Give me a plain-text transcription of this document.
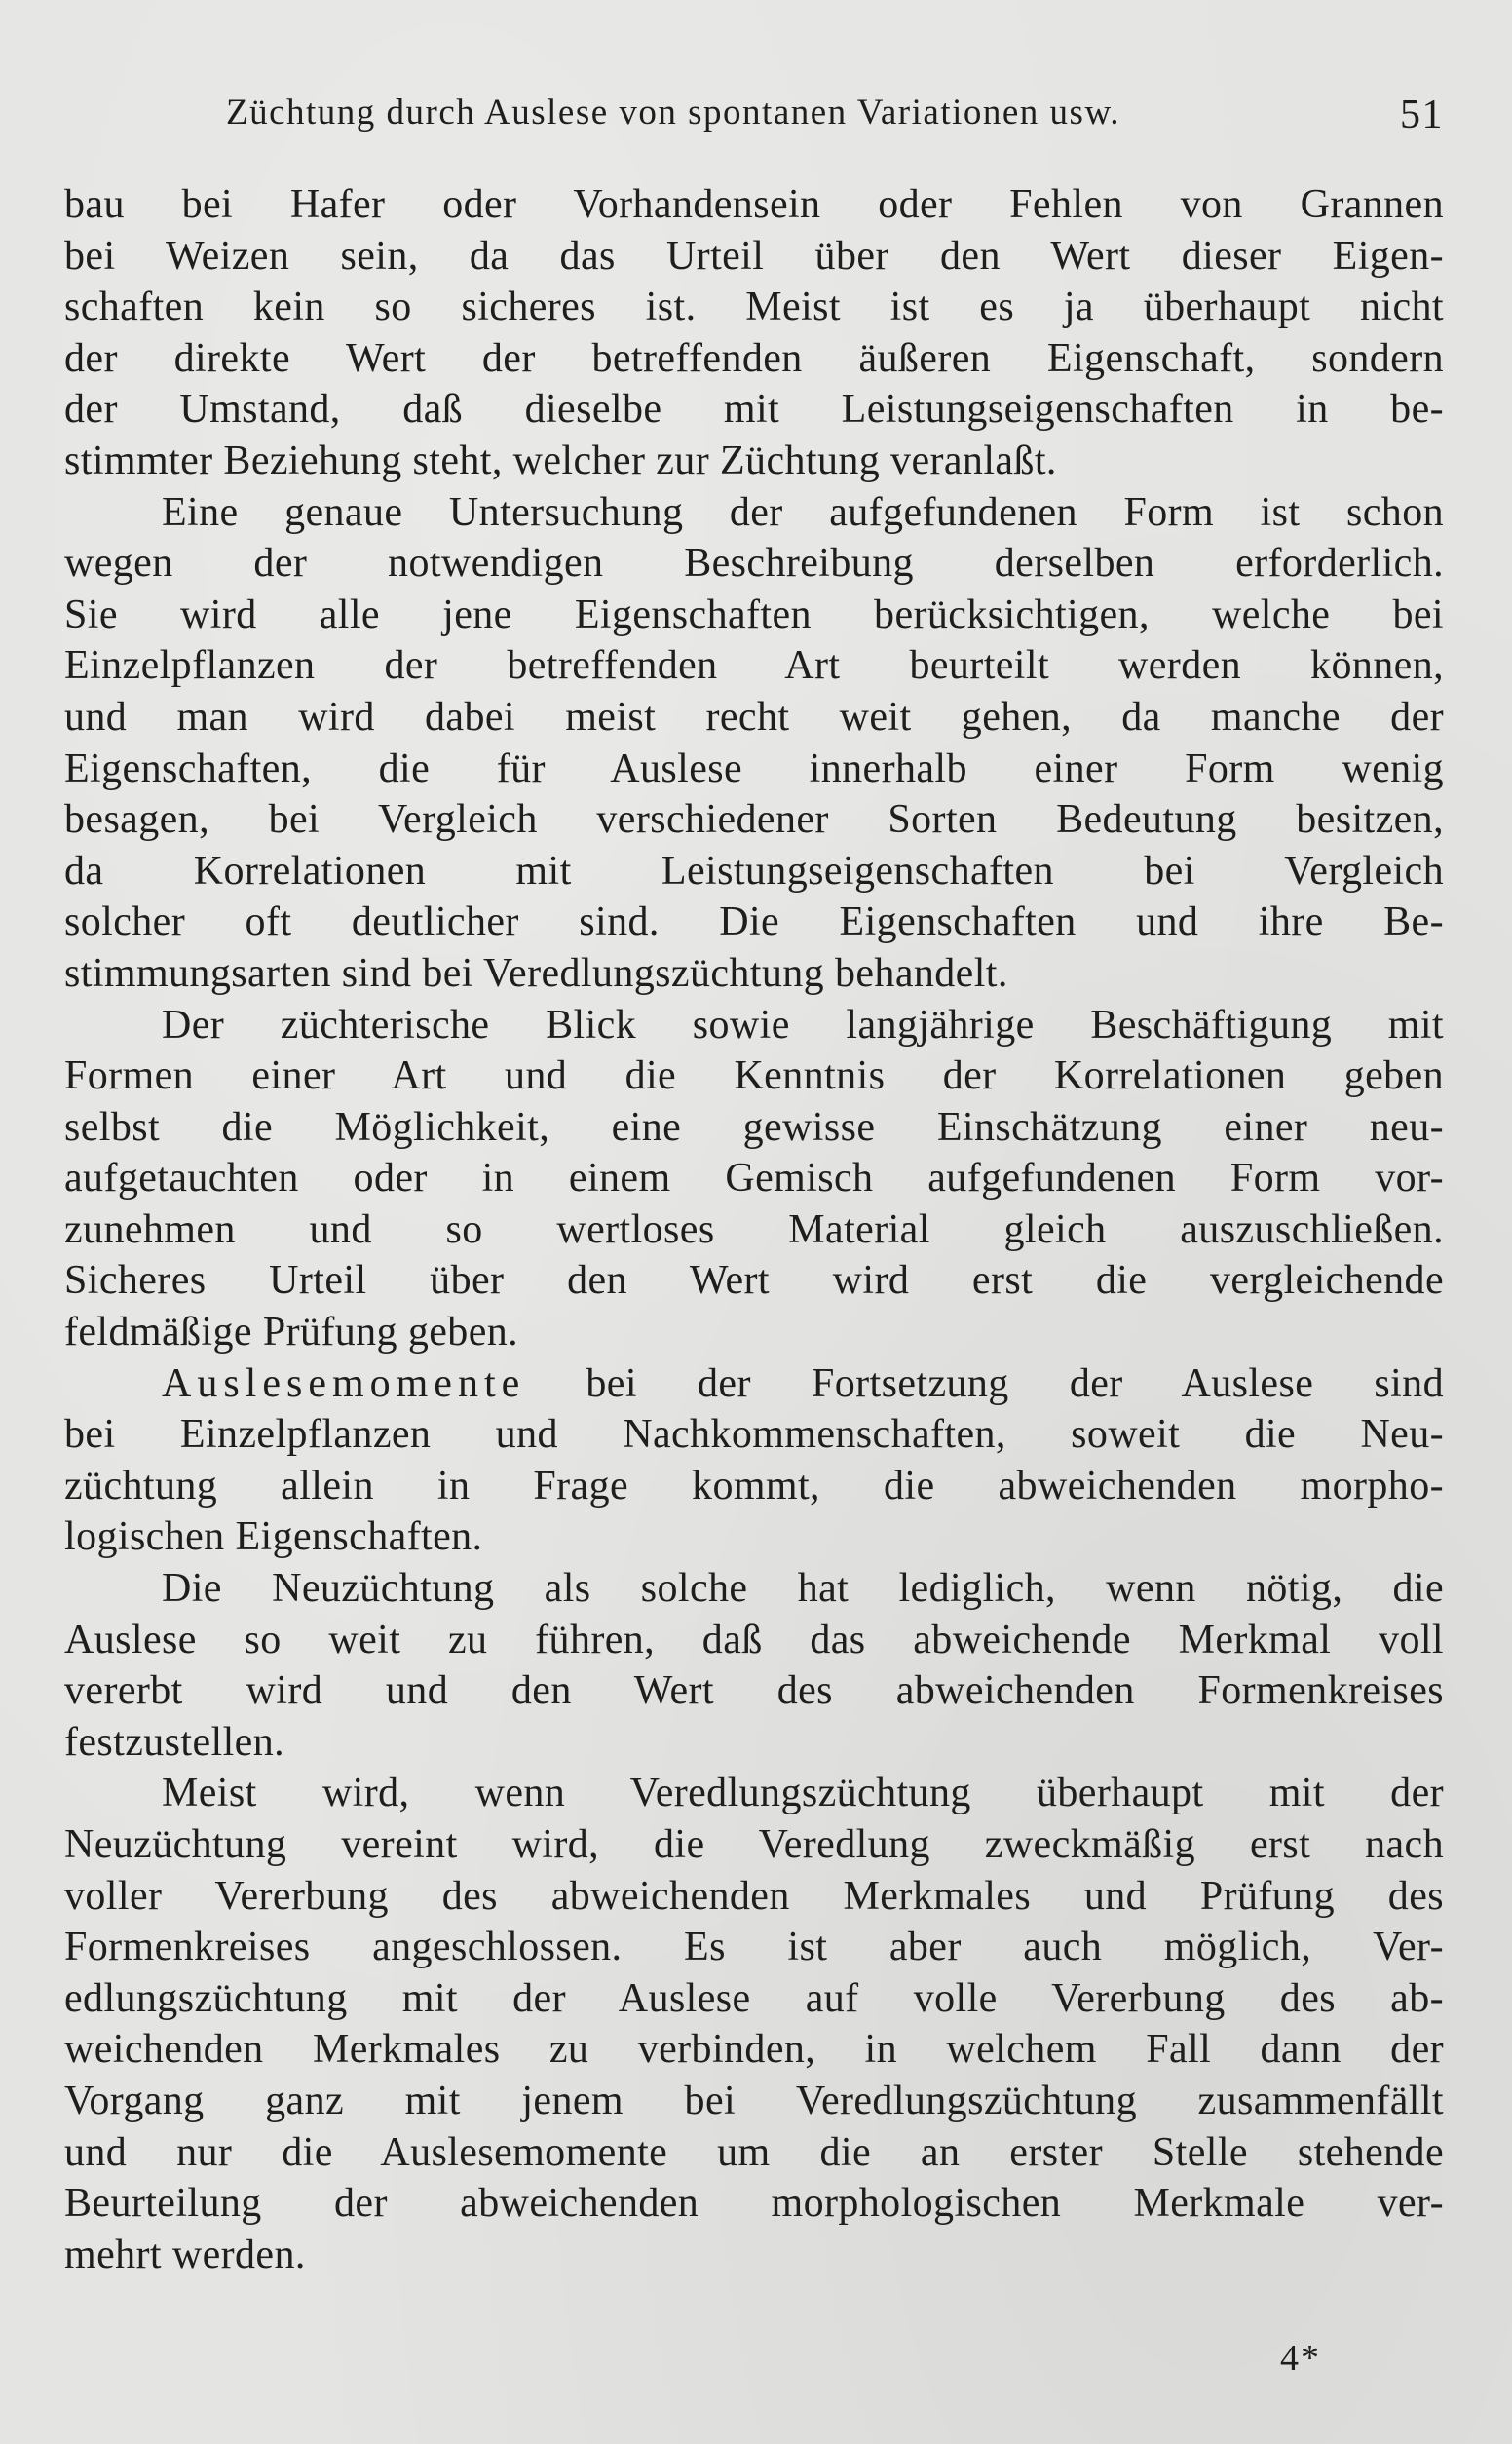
Züchtung durch Auslese von spontanen Variationen usw.	51
bau bei Hafer oder Vorhandensein oder Fehlen von Grannen
bei Weizen sein, da das Urteil über den Wert dieser Eigen-
schaften kein so sicheres ist. Meist ist es ja überhaupt nicht
der direkte Wert der betreffenden äußeren Eigenschaft, sondern
der Umstand, daß dieselbe mit Leistungseigenschaften in be-
stimmter Beziehung steht, welcher zur Züchtung veranlaßt.
Eine genaue Untersuchung der aufgefundenen Form ist schon
wegen der notwendigen Beschreibung derselben erforderlich.
Sie wird alle jene Eigenschaften berücksichtigen, welche bei
Einzelpflanzen der betreffenden Art beurteilt werden können,
und man wird dabei meist recht weit gehen, da manche der
Eigenschaften, die für Auslese innerhalb einer Form wenig
besagen, bei Vergleich verschiedener Sorten Bedeutung besitzen,
da Korrelationen mit Leistungseigenschaften bei Vergleich
solcher oft deutlicher sind. Die Eigenschaften und ihre Be-
stimmungsarten sind bei Veredlungszüchtung behandelt.
Der züchterische Blick sowie langjährige Beschäftigung mit
Formen einer Art und die Kenntnis der Korrelationen geben
selbst die Möglichkeit, eine gewisse Einschätzung einer neu-
aufgetauchten oder in einem Gemisch aufgefundenen Form vor-
zunehmen und so wertloses Material gleich auszuschließen.
Sicheres Urteil über den Wert wird erst die vergleichende
feldmäßige Prüfung geben.
Auslesemomente bei der Fortsetzung der Auslese sind
bei Einzelpflanzen und Nachkommenschaften, soweit die Neu-
züchtung allein in Frage kommt, die abweichenden morpho-
logischen Eigenschaften.
Die Neuzüchtung als solche hat lediglich, wenn nötig, die
Auslese so weit zu führen, daß das abweichende Merkmal voll
vererbt wird und den Wert des abweichenden Formenkreises
festzustellen.
Meist wird, wenn Veredlungszüchtung überhaupt mit der
Neuzüchtung vereint wird, die Veredlung zweckmäßig erst nach
voller Vererbung des abweichenden Merkmales und Prüfung des
Formenkreises angeschlossen. Es ist aber auch möglich, Ver-
edlungszüchtung mit der Auslese auf volle Vererbung des ab-
weichenden Merkmales zu verbinden, in welchem Fall dann der
Vorgang ganz mit jenem bei Veredlungszüchtung zusammenfällt
und nur die Auslesemomente um die an erster Stelle stehende
Beurteilung der abweichenden morphologischen Merkmale ver-
mehrt werden.
4*
